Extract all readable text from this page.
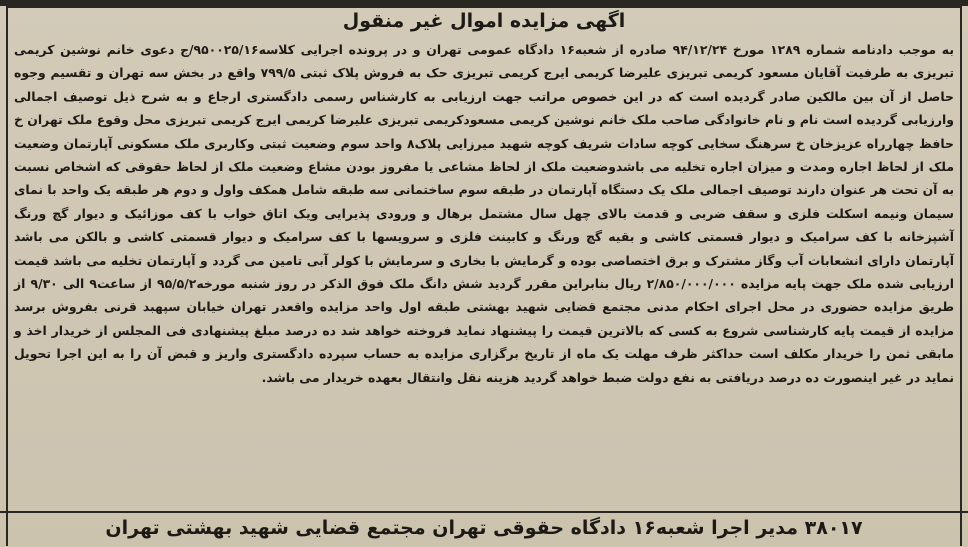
اگهی مزایده اموال غیر منقول

به موجب دادنامه شماره ۱۲۸۹ مورخ ۹۴/۱۲/۲۴ صادره از شعبه‌۱۶ دادگاه عمومی تهران و در پرونده اجرایی کلاسه‌۹۵۰۰۲۵/۱۶/ج دعوی خانم نوشین کریمی تبریزی به طرفیت آقایان مسعود کریمی تبریزی علیرضا کریمی ایرج کریمی تبریزی حک به فروش پلاک ثبتی ۷۹۹/۵ واقع در بخش سه تهران و تقسیم وجوه حاصل از آن بین مالکین صادر گردیده است که در این خصوص مراتب جهت ارزیابی به کارشناس رسمی دادگستری ارجاع و به شرح ذیل توصیف اجمالی وارزیابی گردیده است نام و نام خانوادگی صاحب ملک خانم نوشین کریمی مسعودکریمی تبریزی علیرضا کریمی ایرج کریمی تبریزی محل وقوع ملک تهران خ حافظ چهارراه عزیزخان خ سرهنگ سخایی کوچه سادات شریف کوچه شهید میرزایی پلاک۸ واحد سوم وضعیت ثبتی وکاربری ملک مسکونی آپارتمان وضعیت ملک از لحاظ اجاره ومدت و میزان اجاره تخلیه می باشدوضعیت ملک از لحاظ مشاعی یا مفروز بودن مشاع وضعیت ملک از لحاظ حقوقی که اشخاص نسبت به آن تحت هر عنوان دارند توصیف اجمالی ملک یک دستگاه آپارتمان در طبقه سوم ساختمانی سه طبقه شامل همکف واول و دوم هر طبقه یک واحد با نمای سیمان ونیمه اسکلت فلزی و سقف ضربی و قدمت بالای چهل سال مشتمل برهال و ورودی پذیرایی ویک اتاق خواب با کف موزائیک و دیوار گچ ورنگ آشپزخانه با کف سرامیک و دیوار قسمتی کاشی و بقیه گچ ورنگ و کابینت فلزی و سرویسها با کف سرامیک و دیوار قسمتی کاشی و بالکن می باشد آپارتمان دارای انشعابات آب وگاز مشترک و برق اختصاصی بوده و گرمایش با بخاری و سرمایش با کولر آبی تامین می گردد و آپارتمان تخلیه می باشد قیمت ارزیابی شده ملک جهت پایه مزایده ۲/۸۵۰/۰۰۰/۰۰۰ ریال بنابراین مقرر گردید شش دانگ ملک فوق الذکر در روز شنبه مورخه۹۵/۵/۲ از ساعت۹ الی ۹/۳۰ از طریق مزایده حضوری در محل اجرای احکام مدنی مجتمع قضایی شهید بهشتی طبقه اول واحد مزایده واقعدر تهران خیابان سپهبد قرنی بفروش برسد مزایده از قیمت پایه کارشناسی شروع به کسی که بالاترین قیمت را پیشنهاد نماید فروخته خواهد شد ده درصد مبلغ پیشنهادی فی المجلس از خریدار اخذ و مابقی ثمن را خریدار مکلف است حداکثر ظرف مهلت یک ماه از تاریخ برگزاری مزایده به حساب سپرده دادگستری واریز و قبض آن را به این اجرا تحویل نماید در غیر اینصورت ده درصد دریافتی به نفع دولت ضبط خواهد گردید هزینه نقل وانتقال بعهده خریدار می باشد.

۳۸۰۱۷ مدیر اجرا شعبه۱۶ دادگاه حقوقی تهران مجتمع قضایی شهید بهشتی تهران
